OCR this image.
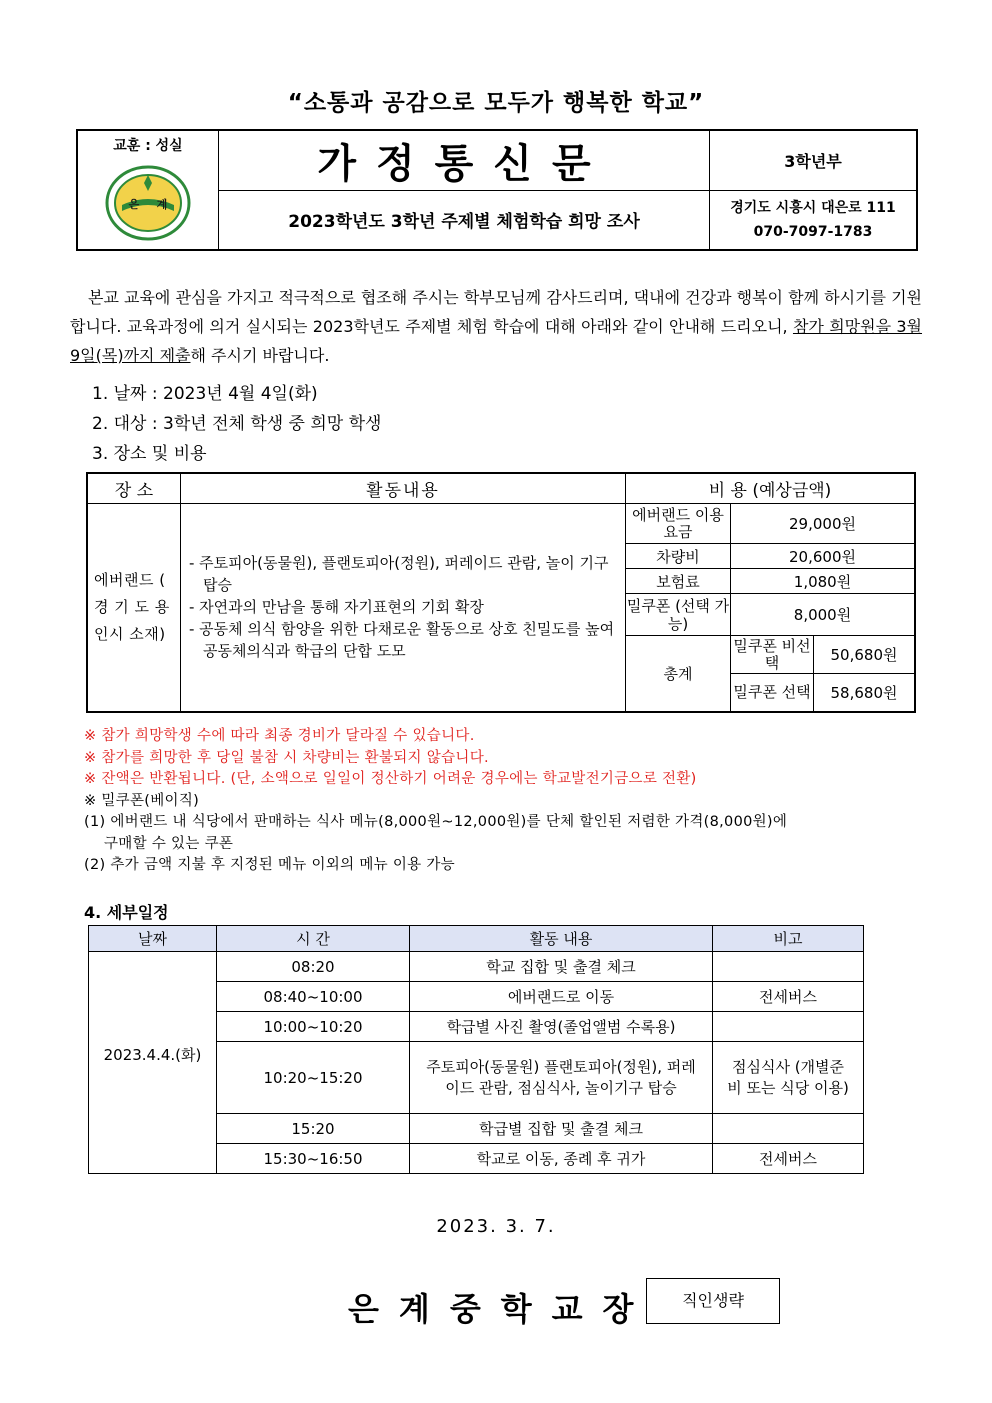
“소통과 공감으로 모두가 행복한 학교”
교훈 : 성실
은 계	가정통신문	3학년부
	2023학년도 3학년 주제별 체험학습 희망 조사	경기도 시흥시 대은로 111
070-7097-1783
본교 교육에 관심을 가지고 적극적으로 협조해 주시는 학부모님께 감사드리며, 댁내에 건강과 행복이 함께 하시기를 기원합니다. 교육과정에 의거 실시되는 2023학년도 주제별 체험 학습에 대해 아래와 같이 안내해 드리오니, 참가 희망원을 3월 9일(목)까지 제출해 주시기 바랍니다.
1. 날짜 : 2023년 4월 4일(화)
2. 대상 : 3학년 전체 학생 중 희망 학생
3. 장소 및 비용
장 소	활동내용	비 용 (예상금액)		
에버랜드 ( 경 기 도 용인시 소재)	- 주토피아(동물원), 플랜토피아(정원), 퍼레이드 관람, 놀이 기구 탑승
- 자연과의 만남을 통해 자기표현의 기회 확장
- 공동체 의식 함양을 위한 다채로운 활동으로 상호 친밀도를 높여 공동체의식과 학급의 단합 도모	에버랜드 이용요금	29,000원	
		차량비	20,600원	
		보험료	1,080원	
		밀쿠폰 (선택 가능)	8,000원	
		총계	밀쿠폰 비선택	50,680원
			밀쿠폰 선택	58,680원
※ 참가 희망학생 수에 따라 최종 경비가 달라질 수 있습니다.
※ 참가를 희망한 후 당일 불참 시 차량비는 환불되지 않습니다.
※ 잔액은 반환됩니다. (단, 소액으로 일일이 정산하기 어려운 경우에는 학교발전기금으로 전환)
※ 밀쿠폰(베이직)
(1) 에버랜드 내 식당에서 판매하는 식사 메뉴(8,000원~12,000원)를 단체 할인된 저렴한 가격(8,000원)에
구매할 수 있는 쿠폰
(2) 추가 금액 지불 후 지정된 메뉴 이외의 메뉴 이용 가능
4. 세부일정
날짜	시 간	활동 내용	비고
2023.4.4.(화)	08:20	학교 집합 및 출결 체크	
	08:40~10:00	에버랜드로 이동	전세버스
	10:00~10:20	학급별 사진 촬영(졸업앨범 수록용)	
	10:20~15:20	주토피아(동물원) 플랜토피아(정원), 퍼레이드 관람, 점심식사, 놀이기구 탑승	점심식사 (개별준비 또는 식당 이용)
	15:20	학급별 집합 및 출결 체크	
	15:30~16:50	학교로 이동, 종례 후 귀가	전세버스
2023. 3. 7.
은계중학교장	직인생략
